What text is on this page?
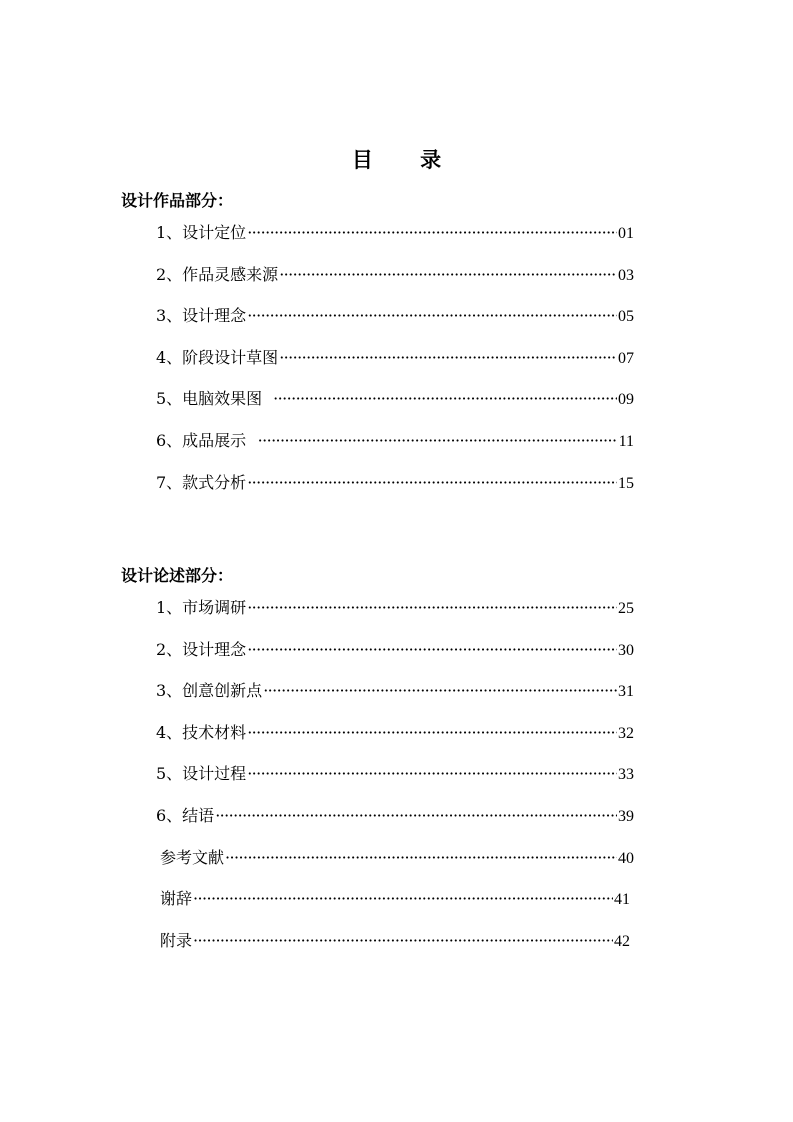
目 录
设计作品部分：
1、设计定位 ·····	01
2、作品灵感来源 ·····	03
3、设计理念 ·····	05
4、阶段设计草图 ·····	07
5、电脑效果图 ·····	09
6、成品展示 ·····	11
7、款式分析 ·····	15
设计论述部分：
1、市场调研 ·····	25
2、设计理念 ·····	30
3、创意创新点 ·····	31
4、技术材料 ·····	32
5、设计过程 ·····	33
6、结语 ·····	39
参考文献 ·····	40
谢辞 ·····	41
附录 ·····	42
